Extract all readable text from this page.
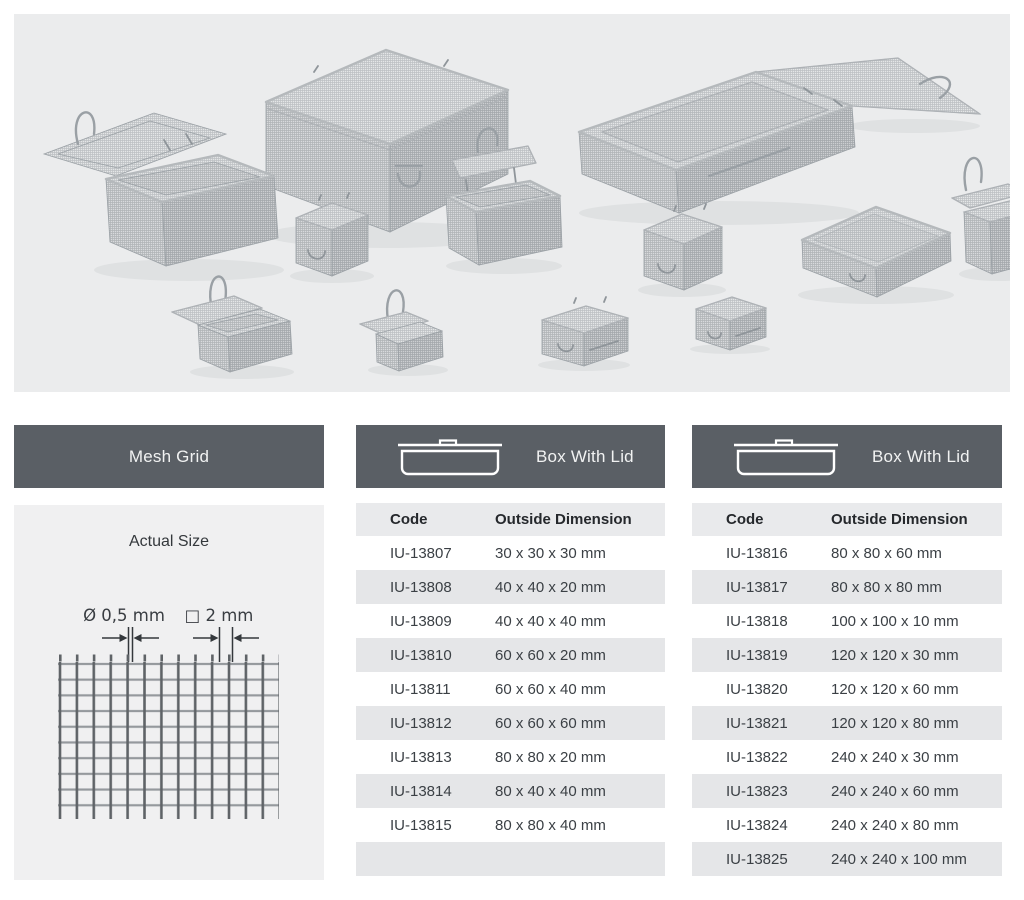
Mesh Grid
Actual Size
Ø 0,5 mm □ 2 mm
Box With Lid
Code	Outside Dimension
IU-13807	30 x 30 x 30 mm
IU-13808	40 x 40 x 20 mm
IU-13809	40 x 40 x 40 mm
IU-13810	60 x 60 x 20 mm
IU-13811	60 x 60 x 40 mm
IU-13812	60 x 60 x 60 mm
IU-13813	80 x 80 x 20 mm
IU-13814	80 x 40 x 40 mm
IU-13815	80 x 80 x 40 mm
Box With Lid
Code	Outside Dimension
IU-13816	80 x 80 x 60 mm
IU-13817	80 x 80 x 80 mm
IU-13818	100 x 100 x 10 mm
IU-13819	120 x 120 x 30 mm
IU-13820	120 x 120 x 60 mm
IU-13821	120 x 120 x 80 mm
IU-13822	240 x 240 x 30 mm
IU-13823	240 x 240 x 60 mm
IU-13824	240 x 240 x 80 mm
IU-13825	240 x 240 x 100 mm
